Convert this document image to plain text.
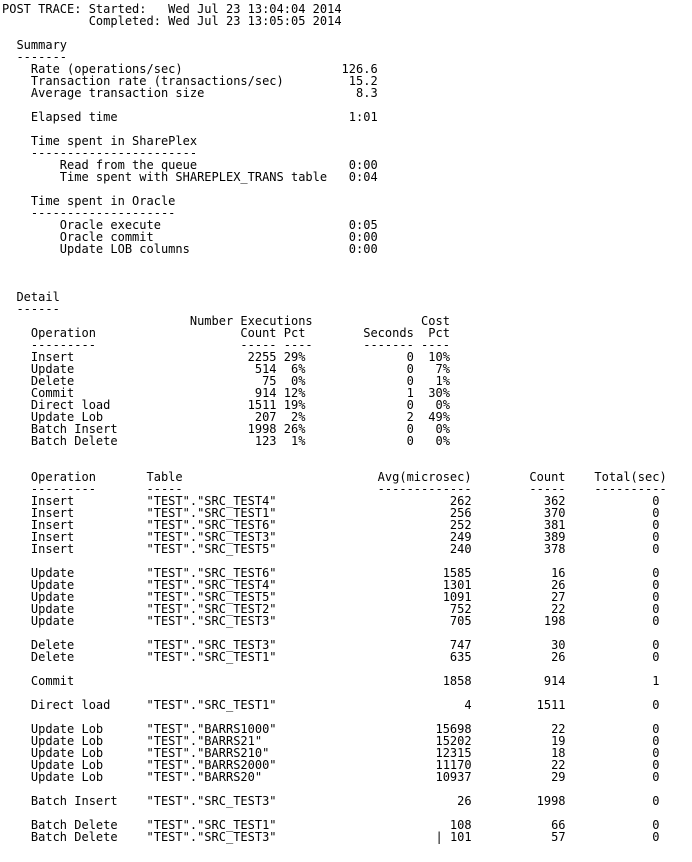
POST TRACE: Started:   Wed Jul 23 13:04:04 2014
Completed: Wed Jul 23 13:05:05 2014
Summary
-------
Rate (operations/sec)                      126.6
Transaction rate (transactions/sec)         15.2
Average transaction size                     8.3
Elapsed time                                1:01
Time spent in SharePlex
-----------------------
Read from the queue                     0:00
Time spent with SHAREPLEX_TRANS table   0:04
Time spent in Oracle
--------------------
Oracle execute                          0:05
Oracle commit                           0:00
Update LOB columns                      0:00
Detail
------
Number Executions               Cost
Operation                    Count Pct        Seconds  Pct
---------                    ----- ----       ------- ----
Insert                        2255 29%              0  10%
Update                         514  6%              0   7%
Delete                          75  0%              0   1%
Commit                         914 12%              1  30%
Direct load                   1511 19%              0   0%
Update Lob                     207  2%              2  49%
Batch Insert                  1998 26%              0   0%
Batch Delete                   123  1%              0   0%
Operation       Table                           Avg(microsec)        Count    Total(sec)
---------       -----                           -------------        -----    ----------
Insert          "TEST"."SRC_TEST4"                        262          362            0
Insert          "TEST"."SRC_TEST1"                        256          370            0
Insert          "TEST"."SRC_TEST6"                        252          381            0
Insert          "TEST"."SRC_TEST3"                        249          389            0
Insert          "TEST"."SRC_TEST5"                        240          378            0
Update          "TEST"."SRC_TEST6"                       1585           16            0
Update          "TEST"."SRC_TEST4"                       1301           26            0
Update          "TEST"."SRC_TEST5"                       1091           27            0
Update          "TEST"."SRC_TEST2"                        752           22            0
Update          "TEST"."SRC_TEST3"                        705          198            0
Delete          "TEST"."SRC_TEST3"                        747           30            0
Delete          "TEST"."SRC_TEST1"                        635           26            0
Commit                                                   1858          914            1
Direct load     "TEST"."SRC_TEST1"                          4         1511            0
Update Lob      "TEST"."BARRS1000"                      15698           22            0
Update Lob      "TEST"."BARRS21"                        15202           19            0
Update Lob      "TEST"."BARRS210"                       12315           18            0
Update Lob      "TEST"."BARRS2000"                      11170           22            0
Update Lob      "TEST"."BARRS20"                        10937           29            0
Batch Insert    "TEST"."SRC_TEST3"                         26         1998            0
Batch Delete    "TEST"."SRC_TEST1"                        108           66            0
Batch Delete    "TEST"."SRC_TEST3"                      | 101           57            0
